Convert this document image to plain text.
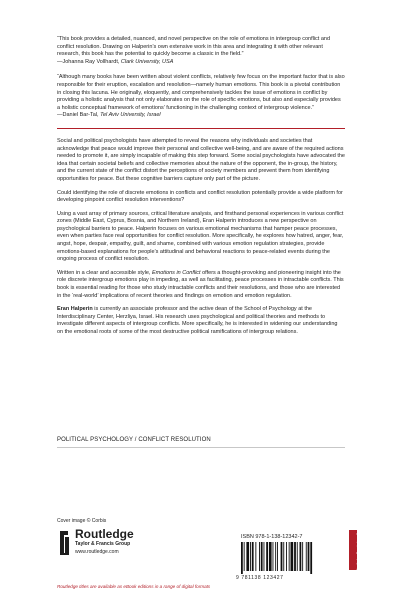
“This book provides a detailed, nuanced, and novel perspective on the role of emotions in intergroup conflict and conflict resolution. Drawing on Halperin’s own extensive work in this area and integrating it with other relevant research, this book has the potential to quickly become a classic in the field.”

—Johanna Ray Vollhardt, Clark University, USA

“Although many books have been written about violent conflicts, relatively few focus on the important factor that is also responsible for their eruption, escalation and resolution—namely human emotions. This book is a pivotal contribution in closing this lacuna. He originally, eloquently, and comprehensively tackles the issue of emotions in conflict by providing a holistic analysis that not only elaborates on the role of specific emotions, but also and especially provides a holistic conceptual framework of emotions’ functioning in the challenging context of intergroup violence.”

—Daniel Bar-Tal, Tel Aviv University, Israel

Social and political psychologists have attempted to reveal the reasons why individuals and societies that acknowledge that peace would improve their personal and collective well-being, and are aware of the required actions needed to promote it, are simply incapable of making this step forward. Some social psychologists have advocated the idea that certain societal beliefs and collective memories about the nature of the opponent, the in-group, the history, and the current state of the conflict distort the perceptions of society members and prevent them from identifying opportunities for peace. But these cognitive barriers capture only part of the picture.

Could identifying the role of discrete emotions in conflicts and conflict resolution potentially provide a wide platform for developing pinpoint conflict resolution interventions?

Using a vast array of primary sources, critical literature analysis, and firsthand personal experiences in various conflict zones (Middle East, Cyprus, Bosnia, and Northern Ireland), Eran Halperin introduces a new perspective on psychological barriers to peace. Halperin focuses on various emotional mechanisms that hamper peace processes, even when parties face real opportunities for conflict resolution. More specifically, he explores how hatred, anger, fear, angst, hope, despair, empathy, guilt, and shame, combined with various emotion regulation strategies, provide emotions-based explanations for people’s attitudinal and behavioral reactions to peace-related events during the ongoing process of conflict resolution.

Written in a clear and accessible style, Emotions in Conflict offers a thought-provoking and pioneering insight into the role discrete intergroup emotions play in impeding, as well as facilitating, peace processes in intractable conflicts. This book is essential reading for those who study intractable conflicts and their resolutions, and those who are interested in the ‘real-world’ implications of recent theories and findings on emotion and emotion regulation.

Eran Halperin is currently an associate professor and the active dean of the School of Psychology at the Interdisciplinary Center, Herzliya, Israel. His research uses psychological and political theories and methods to investigate different aspects of intergroup conflicts. More specifically, he is interested in widening our understanding on the emotional roots of some of the most destructive political ramifications of intergroup relations.

POLITICAL PSYCHOLOGY / CONFLICT RESOLUTION
Cover image © Corbis
Routledge
Taylor & Francis Group
www.routledge.com
ISBN 978-1-138-12342-7
9 781138 123427
Routledge Psychology Series
Routledge titles are available as eBook editions in a range of digital formats
